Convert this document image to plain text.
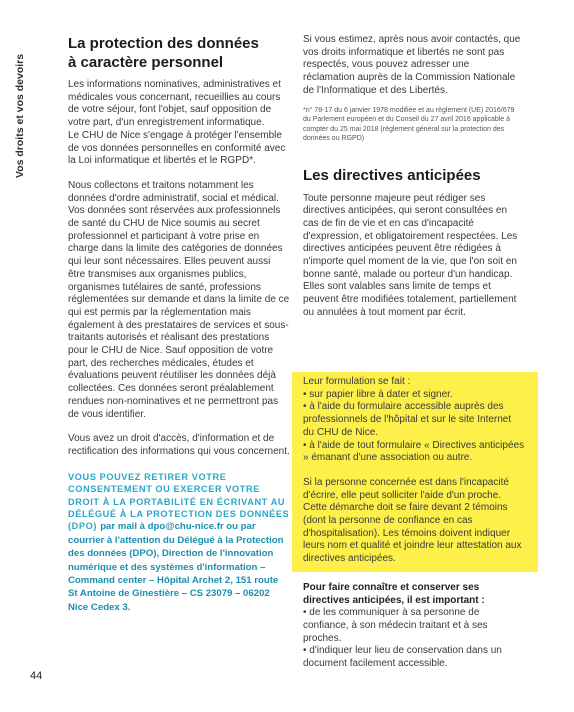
Vos droits et vos devoirs
44
La protection des données
à caractère personnel

Les informations nominatives, administratives et médicales vous concernant, recueillies au cours de votre séjour, font l'objet, sauf opposition de votre part, d'un enregistrement informatique.

Le CHU de Nice s'engage à protéger l'ensemble de vos données personnelles en conformité avec la Loi informatique et libertés et le RGPD*.

Nous collectons et traitons notamment les données d'ordre administratif, social et médical. Vos données sont réservées aux professionnels de santé du CHU de Nice soumis au secret professionnel et participant à votre prise en charge dans la limite des catégories de données qui leur sont nécessaires. Elles peuvent aussi être transmises aux organismes publics, organismes tutélaires de santé, professions réglementées sur demande et dans la limite de ce qui est permis par la réglementation mais également à des prestataires de services et sous-traitants autorisés et réalisant des prestations pour le CHU de Nice. Sauf opposition de votre part, des recherches médicales, études et évaluations peuvent réutiliser les données déjà collectées. Ces données seront préalablement rendues non-nominatives et ne permettront pas de vous identifier.

Vous avez un droit d'accès, d'information et de rectification des informations qui vous concernent.

VOUS POUVEZ RETIRER VOTRE CONSENTEMENT OU EXERCER VOTRE DROIT À LA PORTABILITÉ EN ÉCRIVANT AU DÉLÉGUÉ À LA PROTECTION DES DONNÉES (DPO) par mail à dpo@chu-nice.fr ou par courrier à l'attention du Délégué à la Protection des données (DPO), Direction de l'innovation numérique et des systèmes d'information – Command center – Hôpital Archet 2, 151 route St Antoine de Ginestière – CS 23079 – 06202 Nice Cedex 3.

Si vous estimez, après nous avoir contactés, que vos droits informatique et libertés ne sont pas respectés, vous pouvez adresser une réclamation auprès de la Commission Nationale de l'Informatique et des Libertés.

*n° 78-17 du 6 janvier 1978 modifiée et au règlement (UE) 2016/679 du Parlement européen et du Conseil du 27 avril 2016 applicable à compter du 25 mai 2018 (règlement général sur la protection des données ou RGPD)

Les directives anticipées

Toute personne majeure peut rédiger ses directives anticipées, qui seront consultées en cas de fin de vie et en cas d'incapacité d'expression, et obligatoirement respectées. Les directives anticipées peuvent être rédigées à n'importe quel moment de la vie, que l'on soit en bonne santé, malade ou porteur d'un handicap. Elles sont valables sans limite de temps et peuvent être modifiées totalement, partiellement ou annulées à tout moment par écrit.

Leur formulation se fait :

• sur papier libre à dater et signer.

• à l'aide du formulaire accessible auprès des professionnels de l'hôpital et sur le site Internet du CHU de Nice.

• à l'aide de tout formulaire « Directives anticipées » émanant d'une association ou autre.

Si la personne concernée est dans l'incapacité d'écrire, elle peut solliciter l'aide d'un proche. Cette démarche doit se faire devant 2 témoins (dont la personne de confiance en cas d'hospitalisation). Les témoins doivent indiquer leurs nom et qualité et joindre leur attestation aux directives anticipées.

Pour faire connaître et conserver ses directives anticipées, il est important :

• de les communiquer à sa personne de confiance, à son médecin traitant et à ses proches.

• d'indiquer leur lieu de conservation dans un document facilement accessible.
